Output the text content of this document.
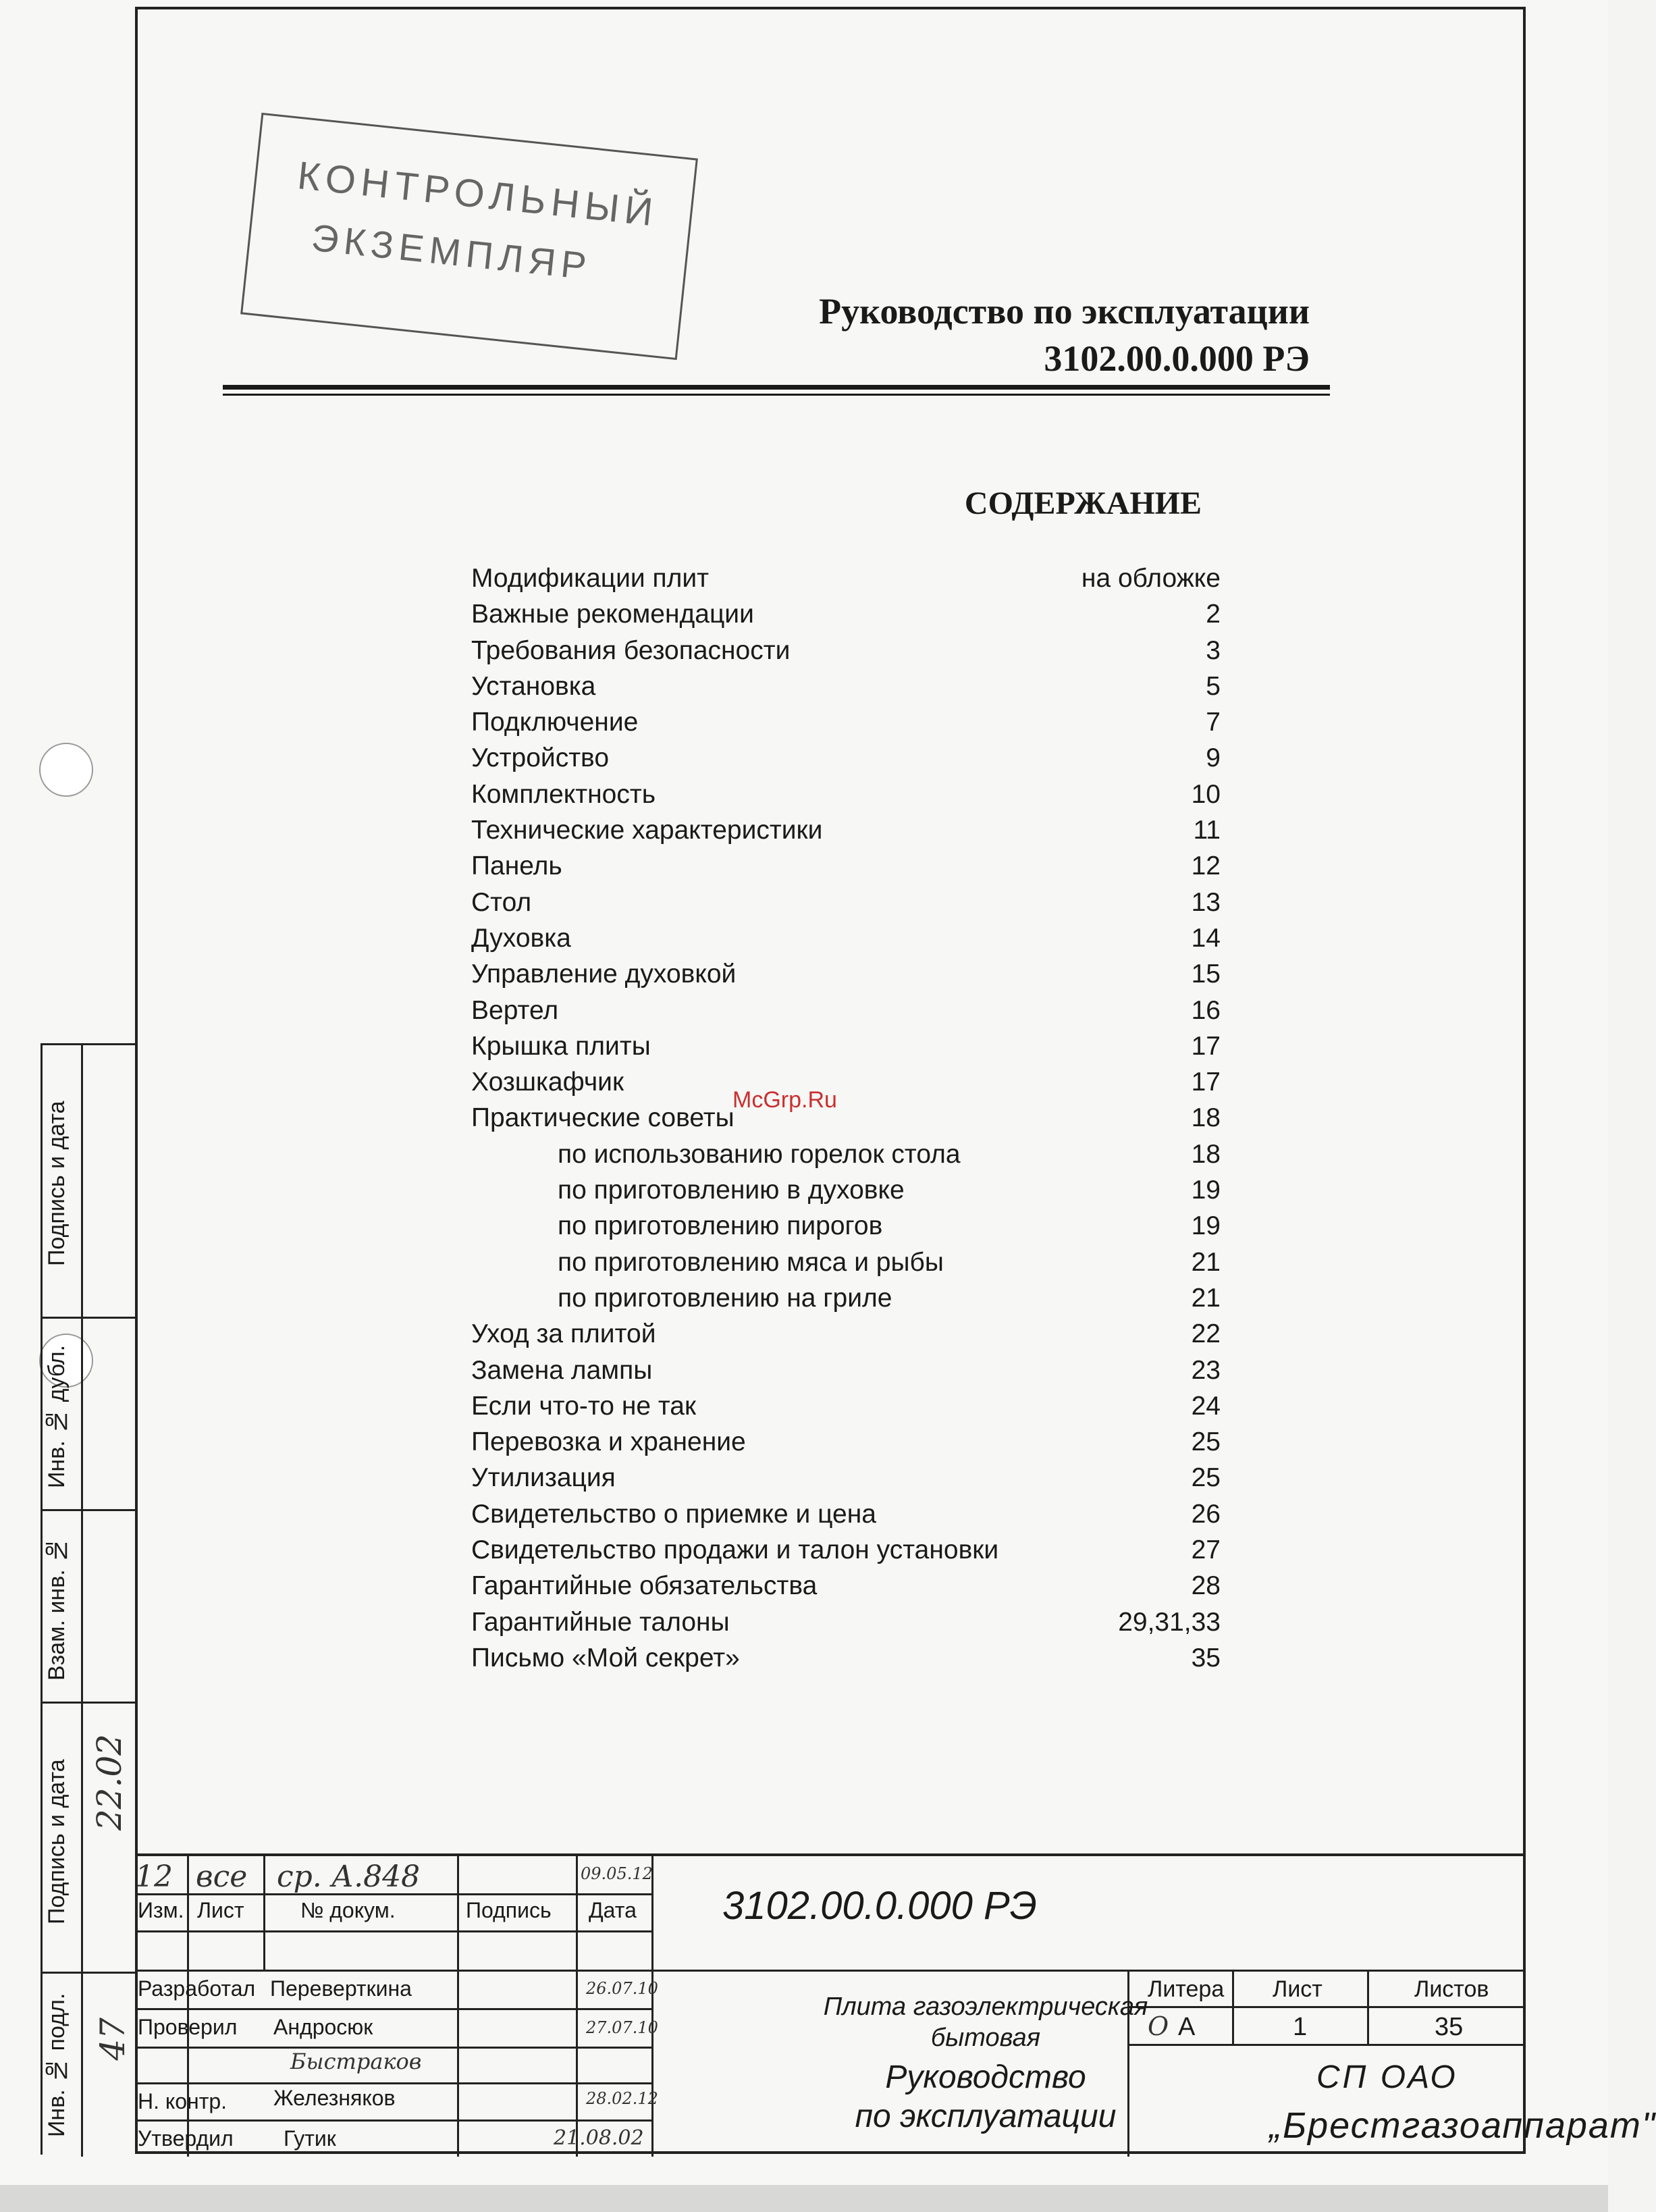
КОНТРОЛЬНЫЙ
ЭКЗЕМПЛЯР
Руководство по эксплуатации
3102.00.0.000 РЭ
СОДЕРЖАНИЕ
Модификации плит	на обложке
Важные рекомендации	2
Требования безопасности	3
Установка	5
Подключение	7
Устройство	9
Комплектность	10
Технические характеристики	11
Панель	12
Стол	13
Духовка	14
Управление духовкой	15
Вертел	16
Крышка плиты	17
Хозшкафчик	17
Практические советы	18
по использованию горелок стола	18
по приготовлению в духовке	19
по приготовлению пирогов	19
по приготовлению мяса и рыбы	21
по приготовлению на гриле	21
Уход за плитой	22
Замена лампы	23
Если что-то не так	24
Перевозка и хранение	25
Утилизация	25
Свидетельство о приемке и цена	26
Свидетельство продажи и талон установки	27
Гарантийные обязательства	28
Гарантийные талоны	29,31,33
Письмо «Мой секрет»	35
McGrp.Ru
Подпись и дата
Инв. № дубл.
Взам. инв. №
Подпись и дата
Инв. № подл.
22.02
47
3102.00.0.000 РЭ
12 все ср. А.848	09.05.12
Изм. Лист	№ докум.	Подпись Дата
Разработал Переверткина	26.07.10
Проверил Андросюк	27.07.10
Быстраков
Н. контр. Железняков	28.02.12
Утвердил Гутик	21.08.02
Плита газоэлектрическая
бытовая
Руководство
по эксплуатации
Литера Лист	Листов
О А	1	35
СП ОАО
„Брестгазоаппарат"
